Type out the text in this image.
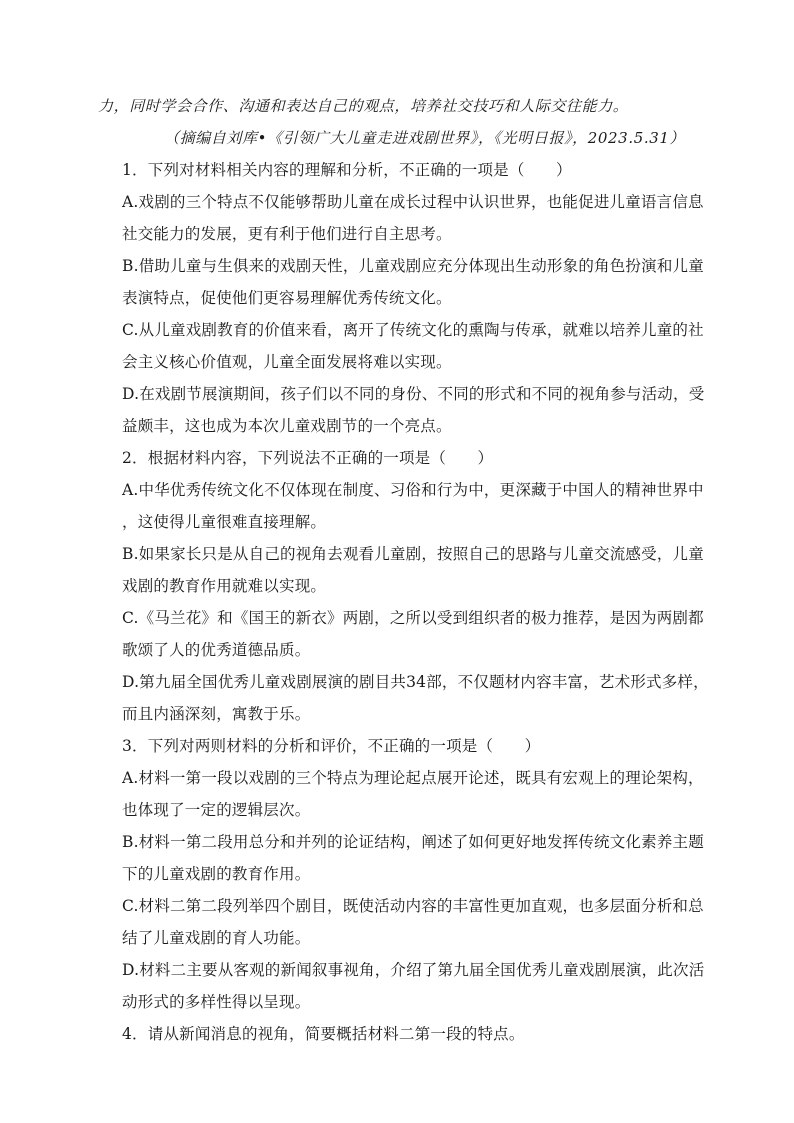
力，同时学会合作、沟通和表达自己的观点，培养社交技巧和人际交往能力。
（摘编自刘库•《引领广大儿童走进戏剧世界》，《光明日报》，2023.5.31）
1．下列对材料相关内容的理解和分析，不正确的一项是（　　）
A.戏剧的三个特点不仅能够帮助儿童在成长过程中认识世界，也能促进儿童语言信息
社交能力的发展，更有利于他们进行自主思考。
B.借助儿童与生俱来的戏剧天性，儿童戏剧应充分体现出生动形象的角色扮演和儿童
表演特点，促使他们更容易理解优秀传统文化。
C.从儿童戏剧教育的价值来看，离开了传统文化的熏陶与传承，就难以培养儿童的社
会主义核心价值观，儿童全面发展将难以实现。
D.在戏剧节展演期间，孩子们以不同的身份、不同的形式和不同的视角参与活动，受
益颇丰，这也成为本次儿童戏剧节的一个亮点。
2．根据材料内容，下列说法不正确的一项是（　　）
A.中华优秀传统文化不仅体现在制度、习俗和行为中，更深藏于中国人的精神世界中
，这使得儿童很难直接理解。
B.如果家长只是从自己的视角去观看儿童剧，按照自己的思路与儿童交流感受，儿童
戏剧的教育作用就难以实现。
C.《马兰花》和《国王的新衣》两剧，之所以受到组织者的极力推荐，是因为两剧都
歌颂了人的优秀道德品质。
D.第九届全国优秀儿童戏剧展演的剧目共34部，不仅题材内容丰富，艺术形式多样，
而且内涵深刻，寓教于乐。
3．下列对两则材料的分析和评价，不正确的一项是（　　）
A.材料一第一段以戏剧的三个特点为理论起点展开论述，既具有宏观上的理论架构，
也体现了一定的逻辑层次。
B.材料一第二段用总分和并列的论证结构，阐述了如何更好地发挥传统文化素养主题
下的儿童戏剧的教育作用。
C.材料二第二段列举四个剧目，既使活动内容的丰富性更加直观，也多层面分析和总
结了儿童戏剧的育人功能。
D.材料二主要从客观的新闻叙事视角，介绍了第九届全国优秀儿童戏剧展演，此次活
动形式的多样性得以呈现。
4．请从新闻消息的视角，简要概括材料二第一段的特点。
